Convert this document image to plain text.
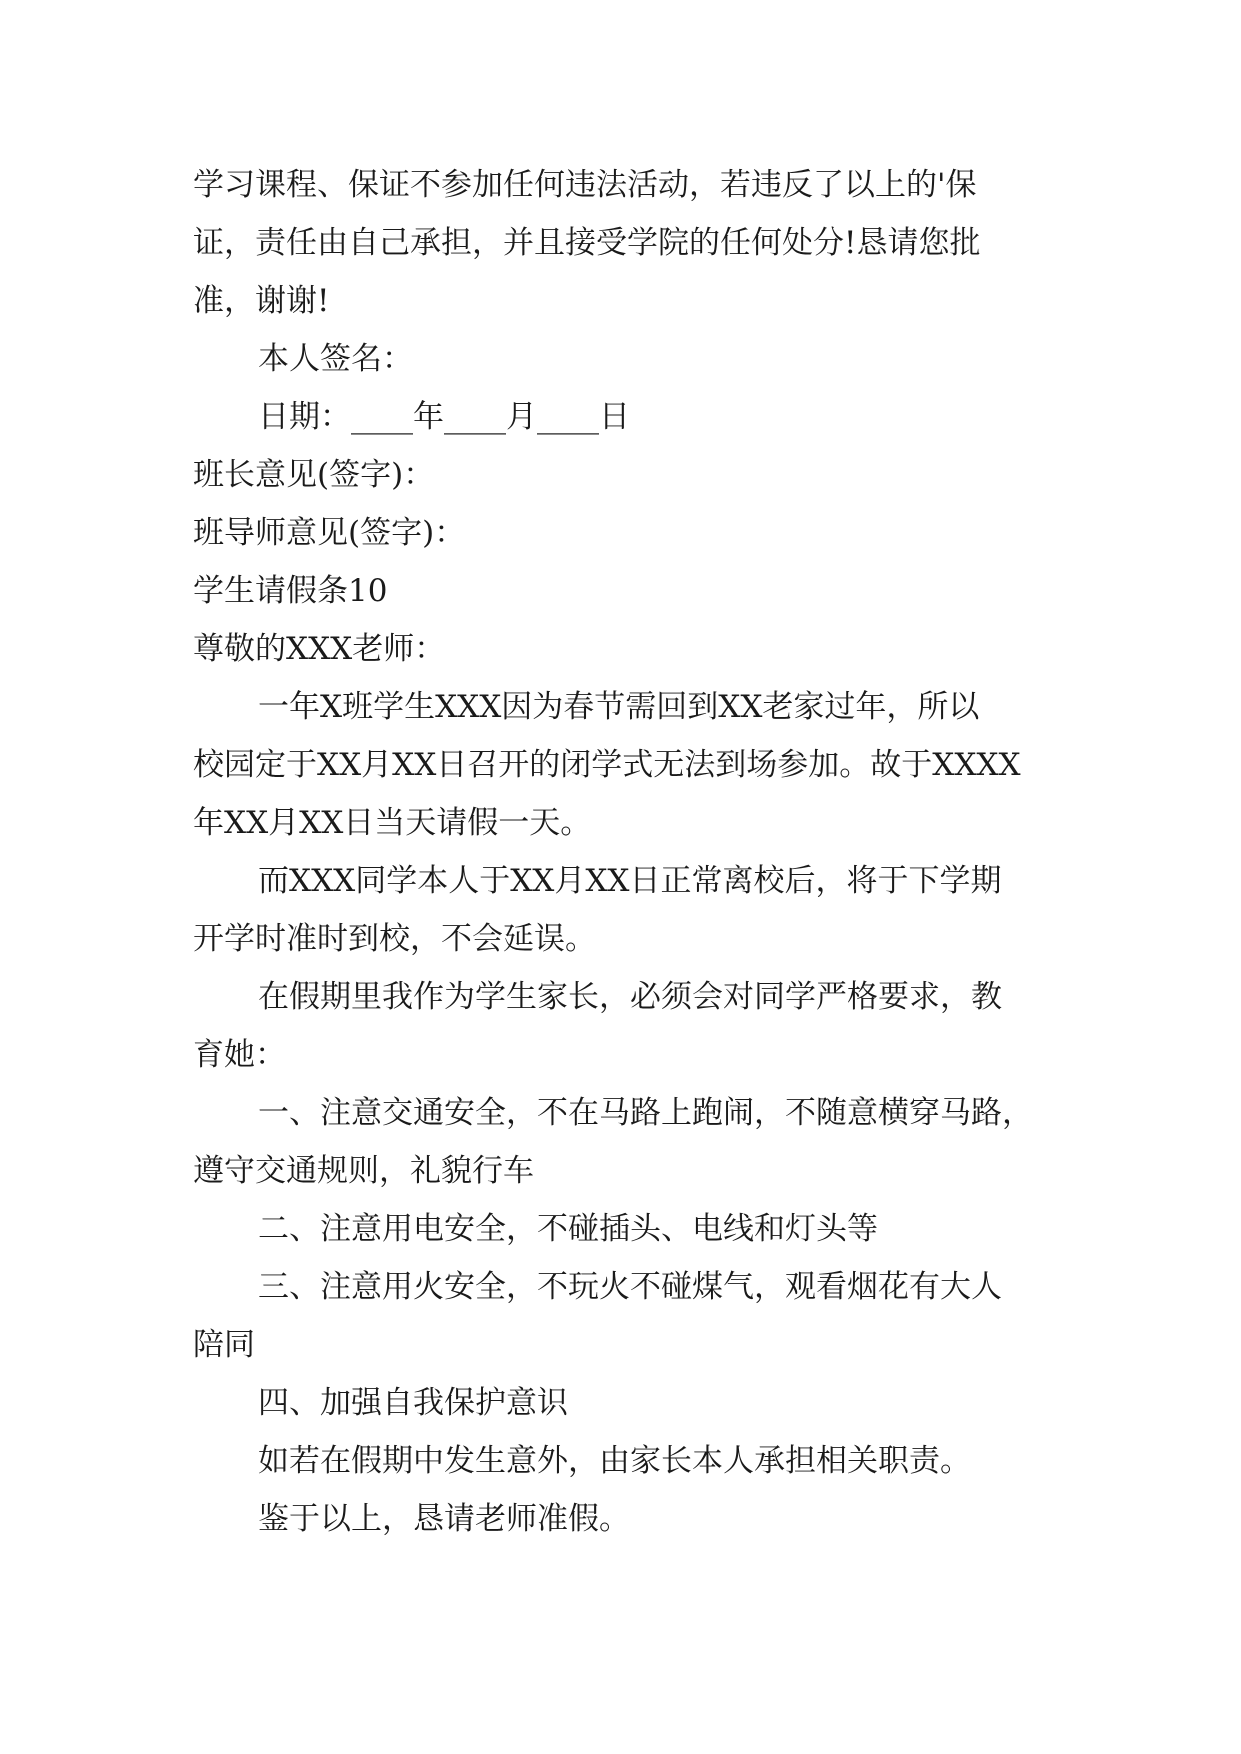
学习课程、保证不参加任何违法活动，若违反了以上的'保
证，责任由自己承担，并且接受学院的任何处分!恳请您批
准，谢谢!
本人签名：
日期：____年____月____日
班长意见(签字)：
班导师意见(签字)：
学生请假条10
尊敬的XXX老师：
一年X班学生XXX因为春节需回到XX老家过年，所以
校园定于XX月XX日召开的闭学式无法到场参加。故于XXXX
年XX月XX日当天请假一天。
而XXX同学本人于XX月XX日正常离校后，将于下学期
开学时准时到校，不会延误。
在假期里我作为学生家长，必须会对同学严格要求，教
育她：
一、注意交通安全，不在马路上跑闹，不随意横穿马路，
遵守交通规则，礼貌行车
二、注意用电安全，不碰插头、电线和灯头等
三、注意用火安全，不玩火不碰煤气，观看烟花有大人
陪同
四、加强自我保护意识
如若在假期中发生意外，由家长本人承担相关职责。
鉴于以上，恳请老师准假。
